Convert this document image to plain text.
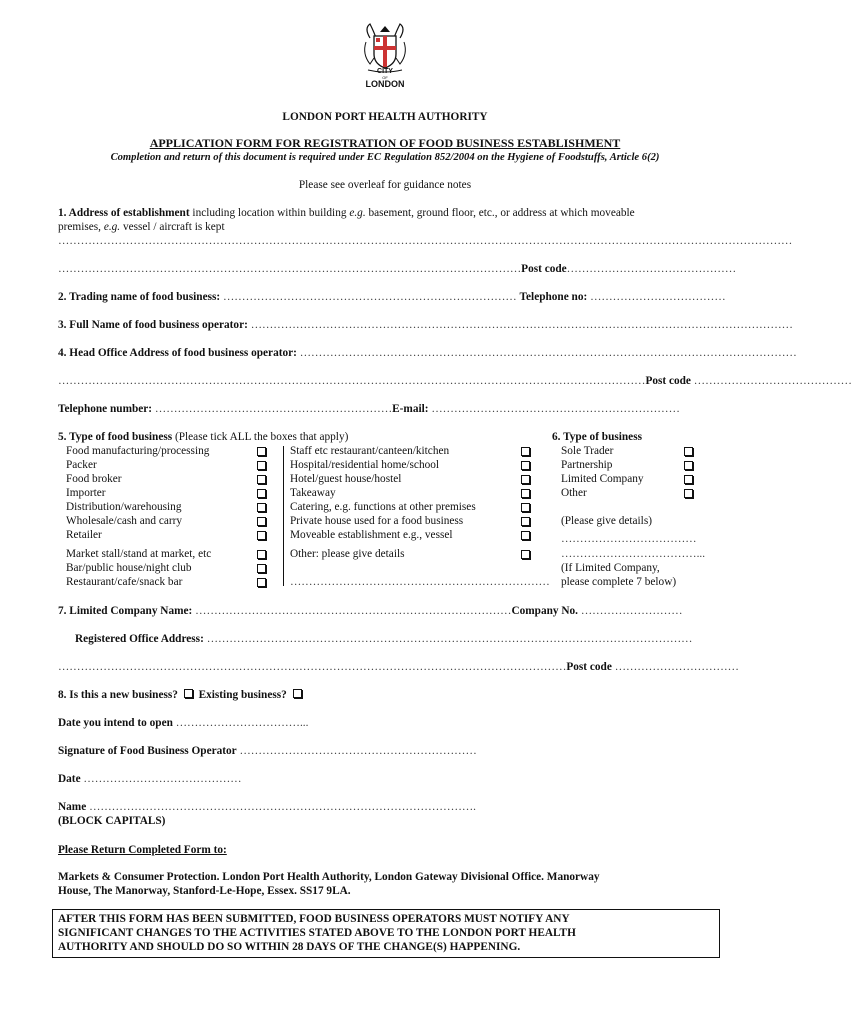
CITY
OF
LONDON
LONDON PORT HEALTH AUTHORITY
APPLICATION FORM FOR REGISTRATION OF FOOD BUSINESS ESTABLISHMENT
Completion and return of this document is required under EC Regulation 852/2004 on the Hygiene of Foodstuffs, Article 6(2)
Please see overleaf for guidance notes
1. Address of establishment including location within building e.g. basement, ground floor, etc., or address at which moveable
premises, e.g. vessel / aircraft is kept
……………………………………………………………………………………………………………………………………………………………………………
……………………………………………………………………………………………………………Post code………………………………………
2. Trading name of food business: …………………………………………………………………… Telephone no: ………………………………
3. Full Name of food business operator: ………………………………………………………………………………………………………………………………
4. Head Office Address of food business operator: ……………………………………………………………………………………………………………………
…………………………………………………………………………………………………………………………………………Post code ……………………………………
Telephone number: ………………………………………………………E-mail: …………………………………………………………
5. Type of food business (Please tick ALL the boxes that apply)
Food manufacturing/processing
Packer
Food broker
Importer
Distribution/warehousing
Wholesale/cash and carry
Retailer
Market stall/stand at market, etc
Bar/public house/night club
Restaurant/cafe/snack bar
Staff etc restaurant/canteen/kitchen
Hospital/residential home/school
Hotel/guest house/hostel
Takeaway
Catering, e.g. functions at other premises
Private house used for a food business
Moveable establishment e.g., vessel
Other: please give details
……………………………………………………………
6. Type of business
Sole Trader
Partnership
Limited Company
Other
(Please give details)
………………………………
………………………………...
(If Limited Company,
please complete 7 below)
7. Limited Company Name: …………………………………………………………………………Company No. ………………………
Registered Office Address: …………………………………………………………………………………………………………………
………………………………………………………………………………………………………………………Post code ……………………………
8. Is this a new business? Existing business?
Date you intend to open ……………………………...
Signature of Food Business Operator ………………………………………………………
Date ……………………………………
Name ………………………………………………………………………………………….
(BLOCK CAPITALS)
Please Return Completed Form to:
Markets & Consumer Protection. London Port Health Authority, London Gateway Divisional Office. Manorway
House, The Manorway, Stanford-Le-Hope, Essex. SS17 9LA.
AFTER THIS FORM HAS BEEN SUBMITTED, FOOD BUSINESS OPERATORS MUST NOTIFY ANY
SIGNIFICANT CHANGES TO THE ACTIVITIES STATED ABOVE TO THE LONDON PORT HEALTH
AUTHORITY AND SHOULD DO SO WITHIN 28 DAYS OF THE CHANGE(S) HAPPENING.
